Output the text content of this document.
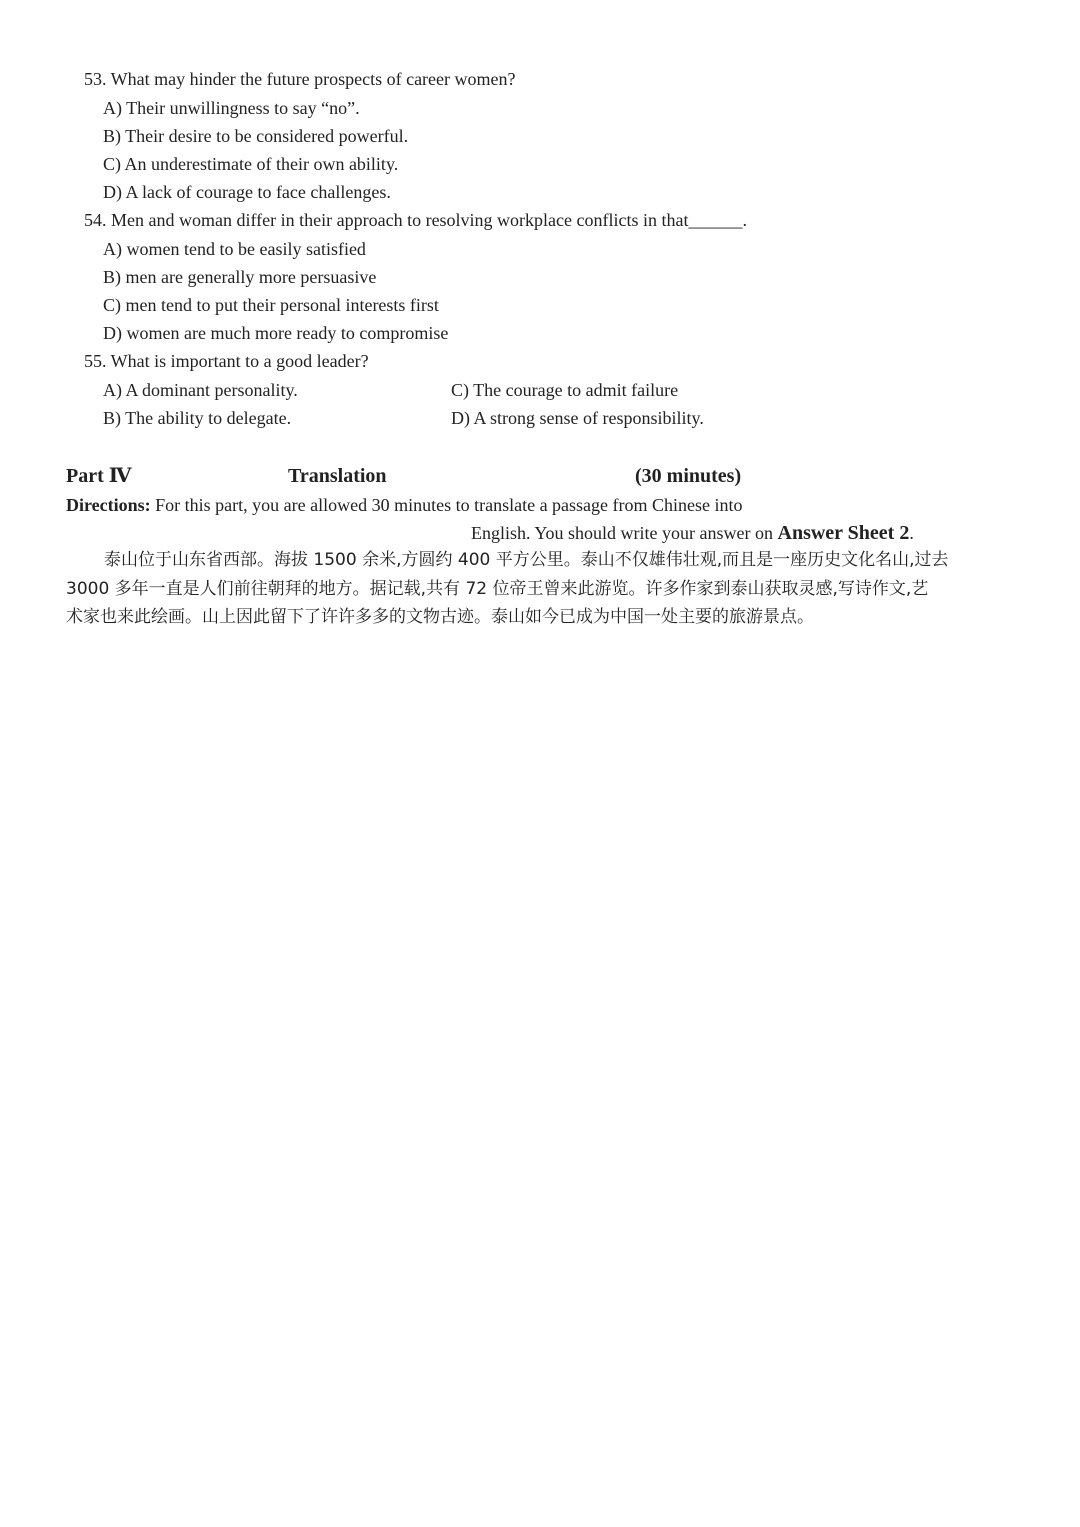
53. What may hinder the future prospects of career women?
A) Their unwillingness to say “no”.
B) Their desire to be considered powerful.
C) An underestimate of their own ability.
D) A lack of courage to face challenges.
54. Men and woman differ in their approach to resolving workplace conflicts in that______.
A) women tend to be easily satisfied
B) men are generally more persuasive
C) men tend to put their personal interests first
D) women are much more ready to compromise
55. What is important to a good leader?
A) A dominant personality.	C) The courage to admit failure
B) The ability to delegate.	D) A strong sense of responsibility.
Part Ⅳ	Translation	(30 minutes)
Directions: For this part, you are allowed 30 minutes to translate a passage from Chinese into
English. You should write your answer on Answer Sheet 2.
泰山位于山东省西部。海拔 1500 余米,方圆约 400 平方公里。泰山不仅雄伟壮观,而且是一座历史文化名山,过去
3000 多年一直是人们前往朝拜的地方。据记载,共有 72 位帝王曾来此游览。许多作家到泰山获取灵感,写诗作文,艺
术家也来此绘画。山上因此留下了许许多多的文物古迹。泰山如今已成为中国一处主要的旅游景点。
